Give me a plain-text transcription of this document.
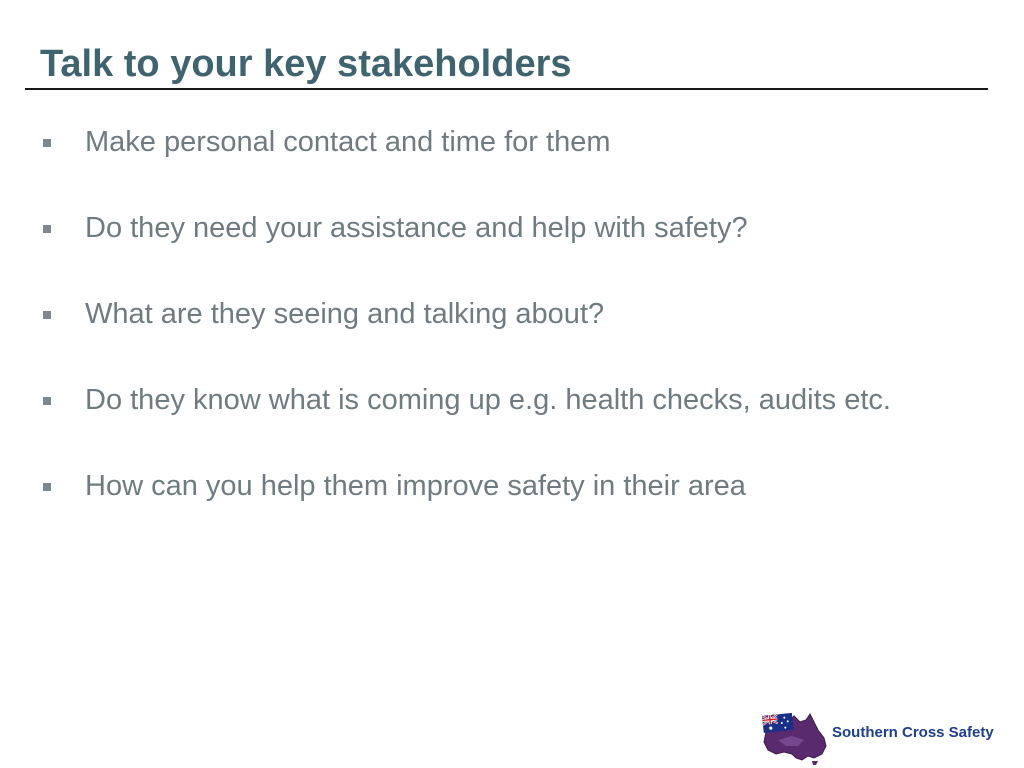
Talk to your key stakeholders
Make personal contact and time for them
Do they need your assistance and help with safety?
What are they seeing and talking about?
Do they know what is coming up e.g. health checks, audits etc.
How can you help them improve safety in their area
Southern Cross Safety
